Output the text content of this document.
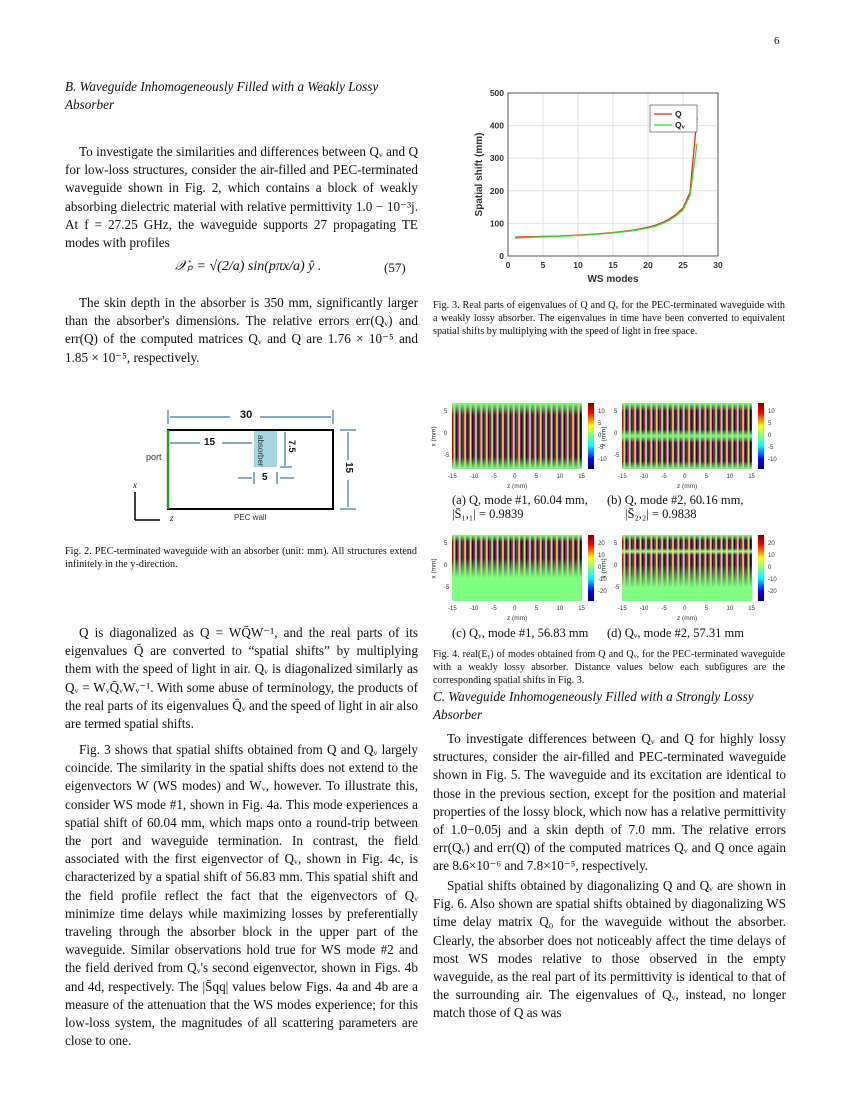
6
B. Waveguide Inhomogeneously Filled with a Weakly Lossy Absorber

To investigate the similarities and differences between Qᵥ and Q for low-loss structures, consider the air-filled and PEC-terminated waveguide shown in Fig. 2, which contains a block of weakly absorbing dielectric material with relative permittivity 1.0 − 10⁻³j. At f = 27.25 GHz, the waveguide supports 27 propagating TE modes with profiles

𝒳ₚ = √(2/a) sin(pπx/a) ŷ .	(57)

The skin depth in the absorber is 350 mm, significantly larger than the absorber's dimensions. The relative errors err(Qᵥ) and err(Q) of the computed matrices Qᵥ and Q are 1.76 × 10⁻⁵ and 1.85 × 10⁻⁵, respectively.

30
15	absorber 7.5
5
15
port
PEC wall
x
z
Fig. 2. PEC-terminated waveguide with an absorber (unit: mm). All structures extend infinitely in the y-direction.

Q is diagonalized as Q = WQ̄W⁻¹, and the real parts of its eigenvalues Q̄ are converted to “spatial shifts” by multiplying them with the speed of light in air. Qᵥ is diagonalized similarly as Qᵥ = WᵥQ̄ᵥWᵥ⁻¹. With some abuse of terminology, the products of the real parts of its eigenvalues Q̄ᵥ and the speed of light in air also are termed spatial shifts.

Fig. 3 shows that spatial shifts obtained from Q and Qᵥ largely coincide. The similarity in the spatial shifts does not extend to the eigenvectors W (WS modes) and Wᵥ, however. To illustrate this, consider WS mode #1, shown in Fig. 4a. This mode experiences a spatial shift of 60.04 mm, which maps onto a round-trip between the port and waveguide termination. In contrast, the field associated with the first eigenvector of Qᵥ, shown in Fig. 4c, is characterized by a spatial shift of 56.83 mm. This spatial shift and the field profile reflect the fact that the eigenvectors of Qᵥ minimize time delays while maximizing losses by preferentially traveling through the absorber block in the upper part of the waveguide. Similar observations hold true for WS mode #2 and the field derived from Qᵥ's second eigenvector, shown in Figs. 4b and 4d, respectively. The |S̄qq| values below Figs. 4a and 4b are a measure of the attenuation that the WS modes experience; for this low-loss system, the magnitudes of all scattering parameters are close to one.

0	5	10	15	20	25	30
0
100
200
300
400
500
Q
Qᵥ
WS modes
Spatial shift (mm)
Fig. 3. Real parts of eigenvalues of Q and Qᵥ for the PEC-terminated waveguide with a weakly lossy absorber. The eigenvalues in time have been converted to equivalent spatial shifts by multiplying with the speed of light in free space.
10
5
0
-5
-10
-15 -10 -5	0	5	10	15
5
0
-5
z (mm)
x (mm)
10
5
0
-5
-10
-15 -10 -5	0	5	10	15
5
0
-5
z (mm)
x (mm)
20
10
0
-10
-20
-15 -10 -5	0	5	10	15
5
0
-5
z (mm)
x (mm)
20
10
0
-10
-20
-15 -10 -5	0	5	10	15
5
0
-5
z (mm)
x (mm)
(a) Q, mode #1, 60.04 mm,
|S̄₁,₁| = 0.9839
(b) Q, mode #2, 60.16 mm,
|S̄₂,₂| = 0.9838
(c) Qᵥ, mode #1, 56.83 mm (d) Qᵥ, mode #2, 57.31 mm
Fig. 4. real(Eᵧ) of modes obtained from Q and Qᵥ, for the PEC-terminated waveguide with a weakly lossy absorber. Distance values below each subfigures are the corresponding spatial shifts in Fig. 3.
C. Waveguide Inhomogeneously Filled with a Strongly Lossy Absorber

To investigate differences between Qᵥ and Q for highly lossy structures, consider the air-filled and PEC-terminated waveguide shown in Fig. 5. The waveguide and its excitation are identical to those in the previous section, except for the position and material properties of the lossy block, which now has a relative permittivity of 1.0−0.05j and a skin depth of 7.0 mm. The relative errors err(Qᵥ) and err(Q) of the computed matrices Qᵥ and Q once again are 8.6×10⁻⁶ and 7.8×10⁻⁵, respectively.

Spatial shifts obtained by diagonalizing Q and Qᵥ are shown in Fig. 6. Also shown are spatial shifts obtained by diagonalizing WS time delay matrix Q₀ for the waveguide without the absorber. Clearly, the absorber does not noticeably affect the time delays of most WS modes relative to those observed in the empty waveguide, as the real part of its permittivity is identical to that of the surrounding air. The eigenvalues of Qᵥ, instead, no longer match those of Q as was
